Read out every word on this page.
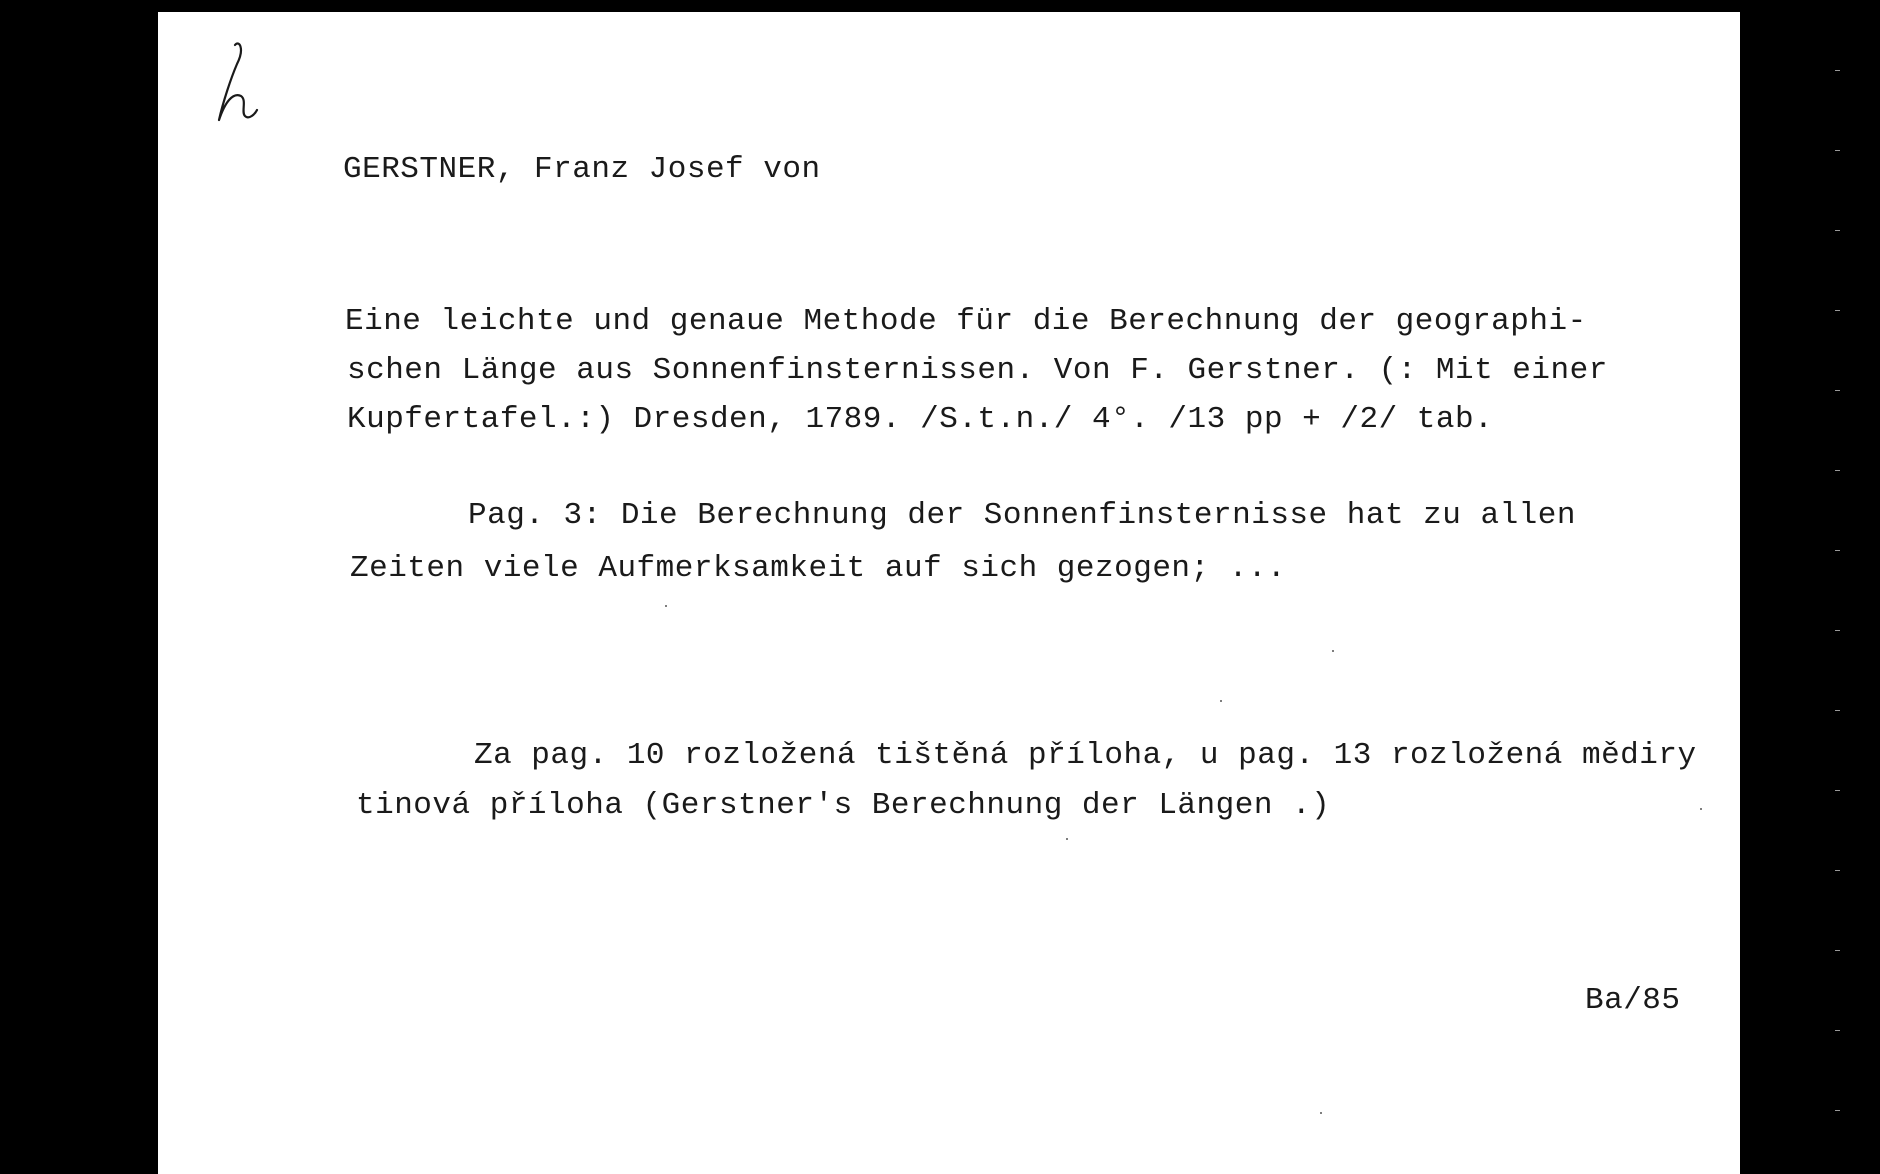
GERSTNER, Franz Josef von
Eine leichte und genaue Methode für die Berechnung der geographi-
schen Länge aus Sonnenfinsternissen. Von F. Gerstner. (: Mit einer
Kupfertafel.:) Dresden, 1789. /S.t.n./ 4°. /13 pp + /2/ tab.
Pag. 3: Die Berechnung der Sonnenfinsternisse hat zu allen
Zeiten viele Aufmerksamkeit auf sich gezogen; ...
Za pag. 10 rozložená tištěná příloha, u pag. 13 rozložená mědiry
tinová příloha (Gerstner's Berechnung der Längen .)
Ba/85
